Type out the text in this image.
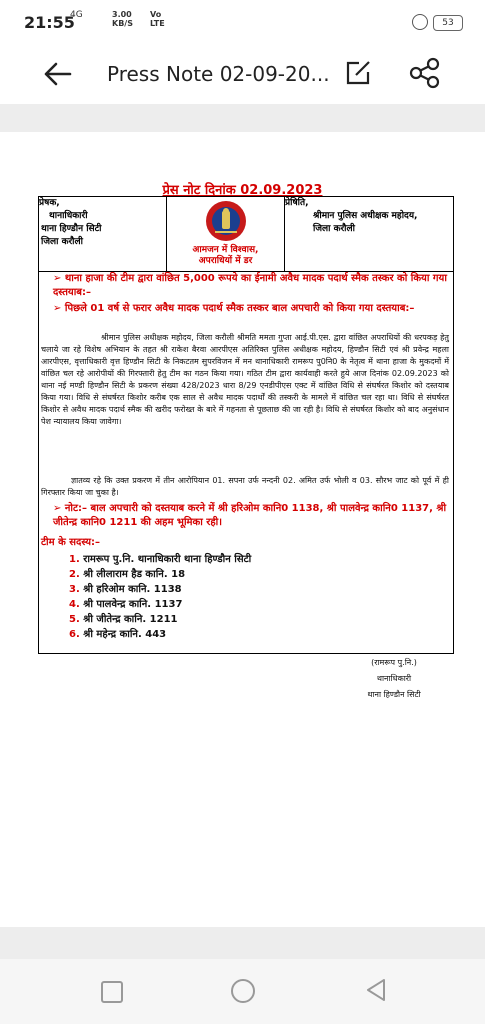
21:55
4G	3.00
KB/S
Vo
LTE	53
Press Note 02-09-20...
प्रेस नोट दिनांक 02.09.2023
प्रेषक,
थानाधिकारी
थाना हिण्डौन सिटी
जिला करौली
आमजन में विश्वास,
अपराधियों में डर
प्रेषिति,
श्रीमान पुलिस अधीक्षक महोदय,
जिला करौली
➢ थाना हाजा की टीम द्वारा वांछित 5,000 रूपये का ईनामी अवैध मादक पदार्थ स्मैक तस्कर को किया गया दस्तयाब:–
➢ पिछले 01 वर्ष से फरार अवैध मादक पदार्थ स्मैक तस्कर बाल अपचारी को किया गया दस्तयाब:–
श्रीमान पुलिस अधीक्षक महोदय, जिला करौली श्रीमति ममता गुप्ता आई.पी.एस. द्वारा वांछित अपराधियों की धरपकड़ हेतु चलाये जा रहे विशेष अभियान के तहत श्री राकेश बैरवा आरपीएस अतिरिक्त पुलिस अधीक्षक महोदय, हिण्डौन सिटी एवं श्री प्रवेन्द्र महला आरपीएस, वृत्ताधिकारी वृत्त हिण्डौन सिटी के निकटतम सुपरविजन में मन थानाधिकारी रामरूप पु0नि0 के नेतृत्व में थाना हाजा के मुकदमों में वांछित चल रहे आरोपीयों की गिरफ्तारी हेतु टीम का गठन किया गया। गठित टीम द्वारा कार्यवाही करते हुये आज दिनांक 02.09.2023 को थाना नई मण्डी हिण्डौन सिटी के प्रकरण संख्या 428/2023 धारा 8/29 एनडीपीएस एक्ट में वांछित विधि से संघर्षरत किशोर को दस्तयाब किया गया। विधि से संघर्षरत किशोर करीब एक साल से अवैध मादक पदार्थों की तस्करी के मामले में वांछित चल रहा था। विधि से संघर्षरत किशोर से अवैध मादक पदार्थ स्मैक की खरीद फरोख्त के बारे में गहनता से पूछताछ की जा रही है। विधि से संघर्षरत किशोर को बाद अनुसंधान पेश न्यायालय किया जावेगा।
ज्ञातव्य रहे कि उक्त प्रकरण में तीन आरोपियान 01. सपना उर्फ नन्दनी 02. अमित उर्फ भोली व 03. सौरभ जाट को पूर्व में ही गिरफ्तार किया जा चुका है।
➢ नोट:– बाल अपचारी को दस्तयाब करने में श्री हरिओम कानि0 1138, श्री पालवेन्द्र कानि0 1137, श्री जीतेन्द्र कानि0 1211 की अहम भूमिका रही।
टीम के सदस्य:–
1. रामरूप पु.नि. थानाधिकारी थाना हिण्डौन सिटी
2. श्री लीलाराम हैड कानि. 18
3. श्री हरिओम कानि. 1138
4. श्री पालवेन्द्र कानि. 1137
5. श्री जीतेन्द्र कानि. 1211
6. श्री महेन्द्र कानि. 443
(रामरूप पु.नि.)
थानाधिकारी
थाना हिण्डौन सिटी
